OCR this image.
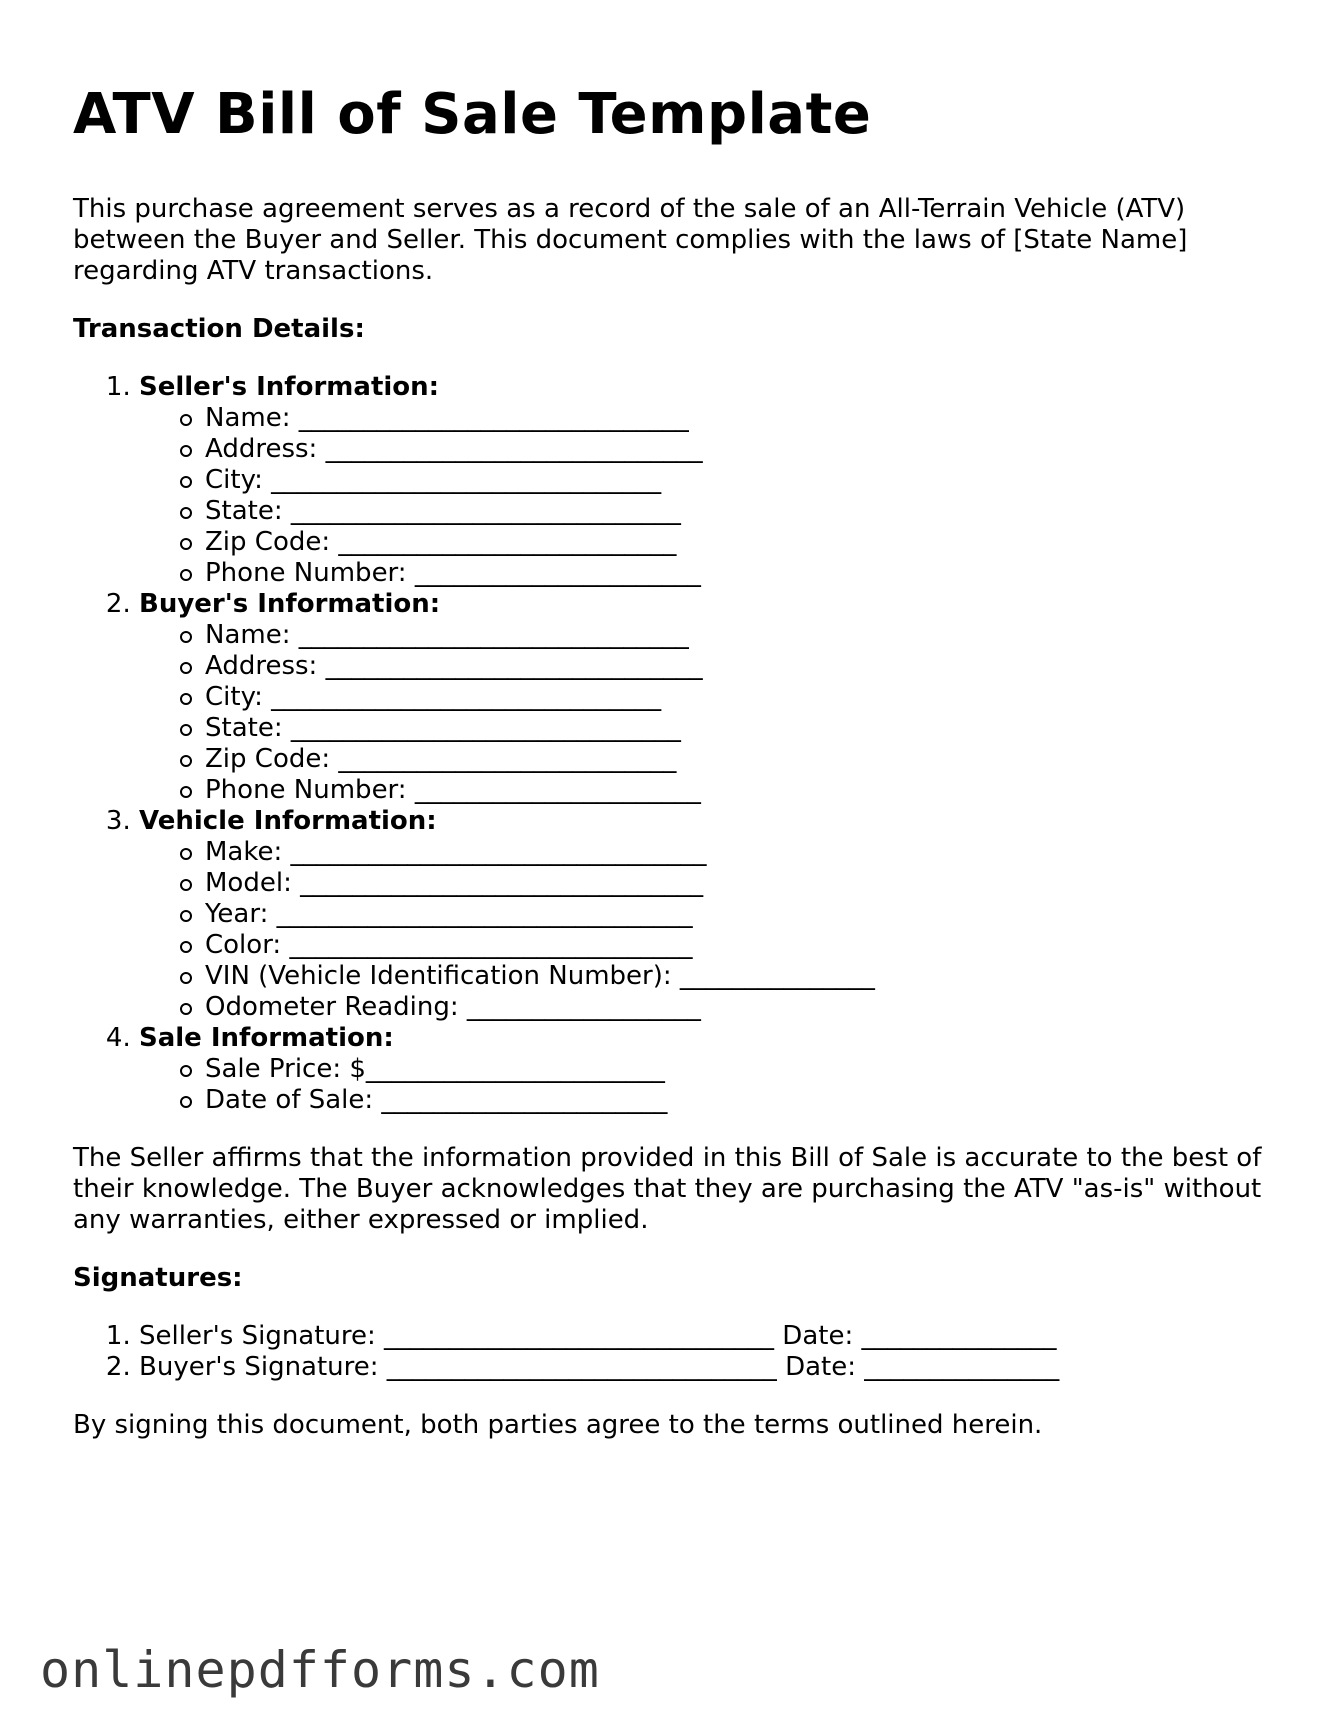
ATV Bill of Sale Template

This purchase agreement serves as a record of the sale of an All-Terrain Vehicle (ATV) between the Buyer and Seller. This document complies with the laws of [State Name] regarding ATV transactions.

Transaction Details:

1. Seller's Information:
Name: ______________________________
Address: _____________________________
City: ______________________________
State: ______________________________
Zip Code: __________________________
Phone Number: ______________________
2. Buyer's Information:
Name: ______________________________
Address: _____________________________
City: ______________________________
State: ______________________________
Zip Code: __________________________
Phone Number: ______________________
3. Vehicle Information:
Make: ________________________________
Model: _______________________________
Year: ________________________________
Color: _______________________________
VIN (Vehicle Identification Number): _______________
Odometer Reading: __________________
4. Sale Information:
Sale Price: $_______________________
Date of Sale: ______________________

The Seller affirms that the information provided in this Bill of Sale is accurate to the best of their knowledge. The Buyer acknowledges that they are purchasing the ATV "as-is" without any warranties, either expressed or implied.

Signatures:

1. Seller's Signature: ______________________________ Date: _______________
2. Buyer's Signature: ______________________________ Date: _______________

By signing this document, both parties agree to the terms outlined herein.

onlinepdfforms.com
